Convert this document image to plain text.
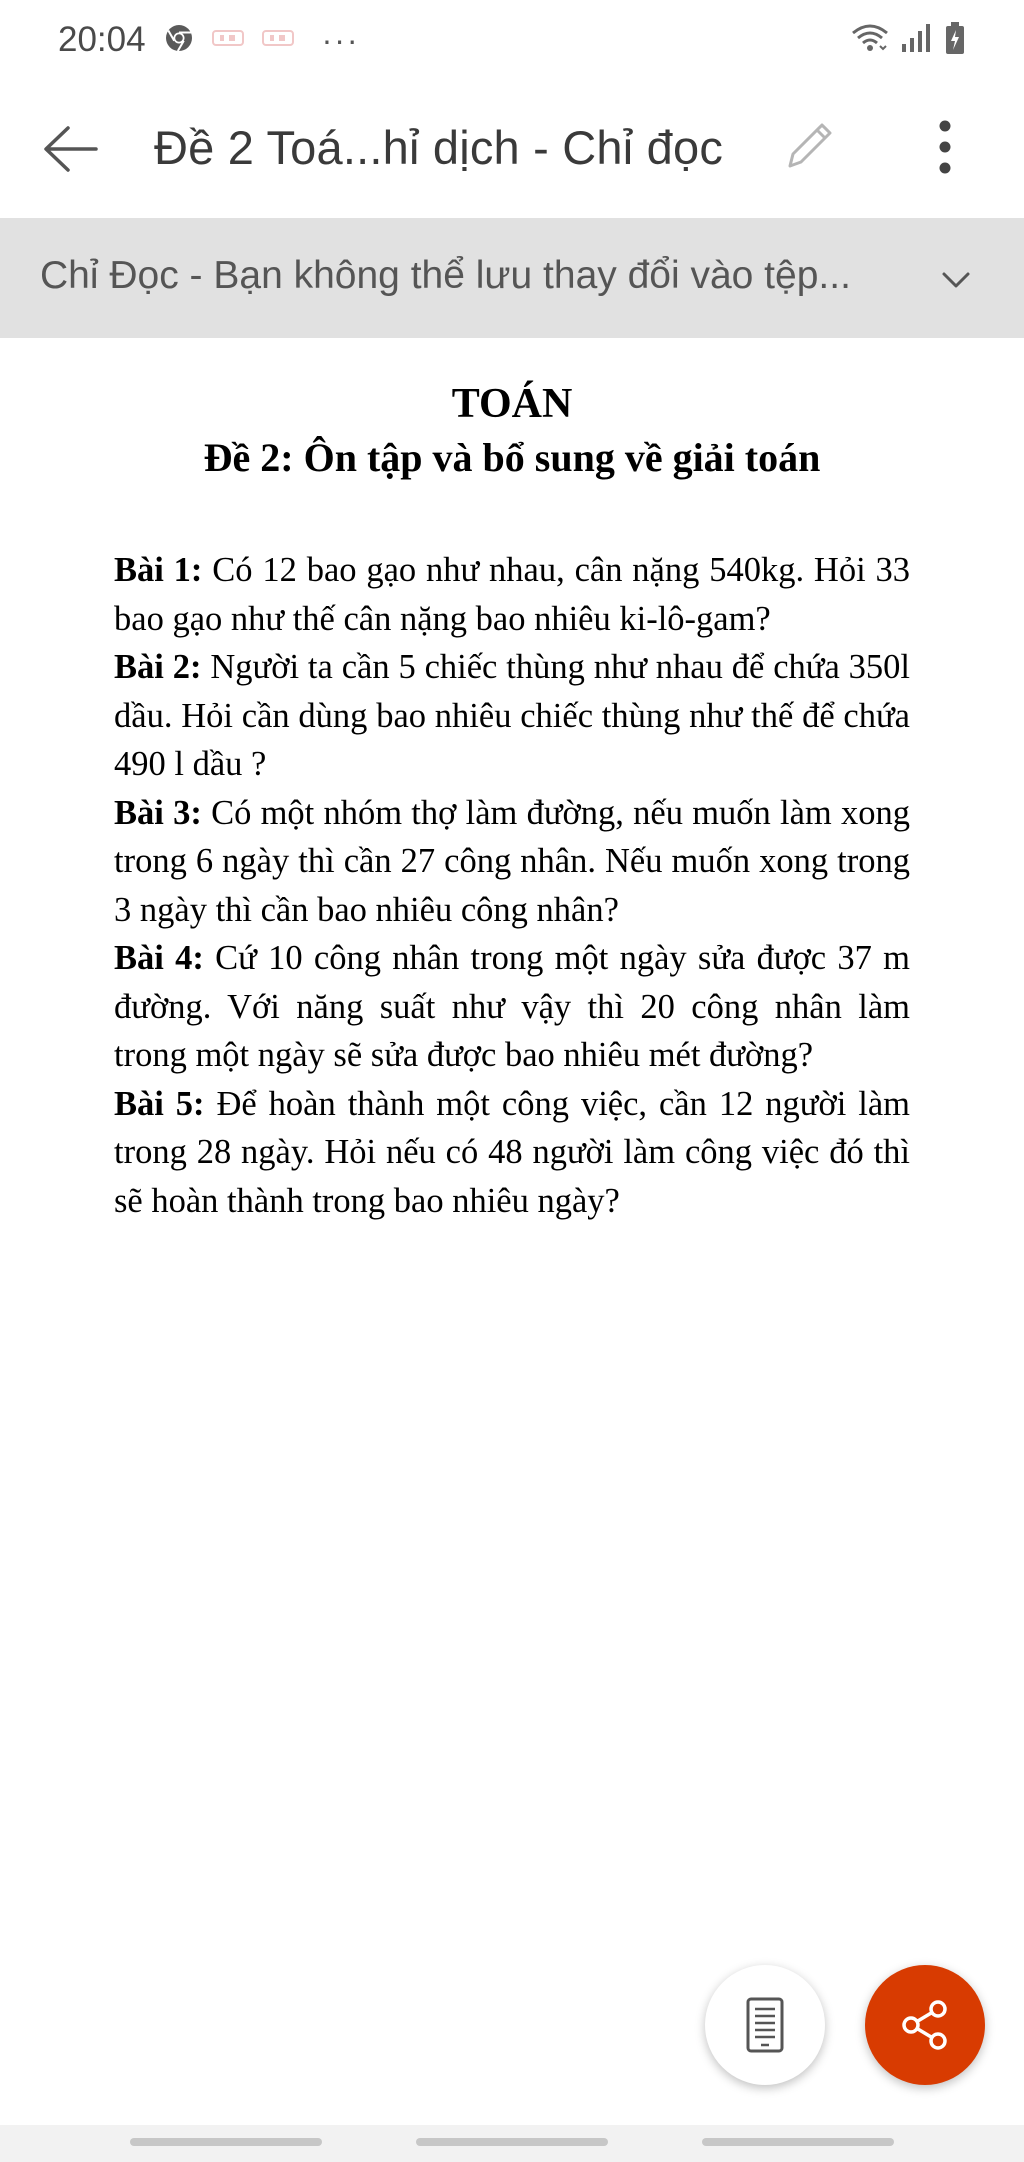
20:04	···
Đề 2 Toá...hỉ dịch - Chỉ đọc
Chỉ Đọc - Bạn không thể lưu thay đổi vào tệp...
TOÁN
Đề 2: Ôn tập và bổ sung về giải toán

Bài 1: Có 12 bao gạo như nhau, cân nặng 540kg. Hỏi 33 bao gạo như thế cân nặng bao nhiêu ki-lô-gam?

Bài 2: Người ta cần 5 chiếc thùng như nhau để chứa 350l dầu. Hỏi cần dùng bao nhiêu chiếc thùng như thế để chứa 490 l dầu ?

Bài 3: Có một nhóm thợ làm đường, nếu muốn làm xong trong 6 ngày thì cần 27 công nhân. Nếu muốn xong trong 3 ngày thì cần bao nhiêu công nhân?

Bài 4: Cứ 10 công nhân trong một ngày sửa được 37 m đường. Với năng suất như vậy thì 20 công nhân làm trong một ngày sẽ sửa được bao nhiêu mét đường?

Bài 5: Để hoàn thành một công việc, cần 12 người làm trong 28 ngày. Hỏi nếu có 48 người làm công việc đó thì sẽ hoàn thành trong bao nhiêu ngày?
